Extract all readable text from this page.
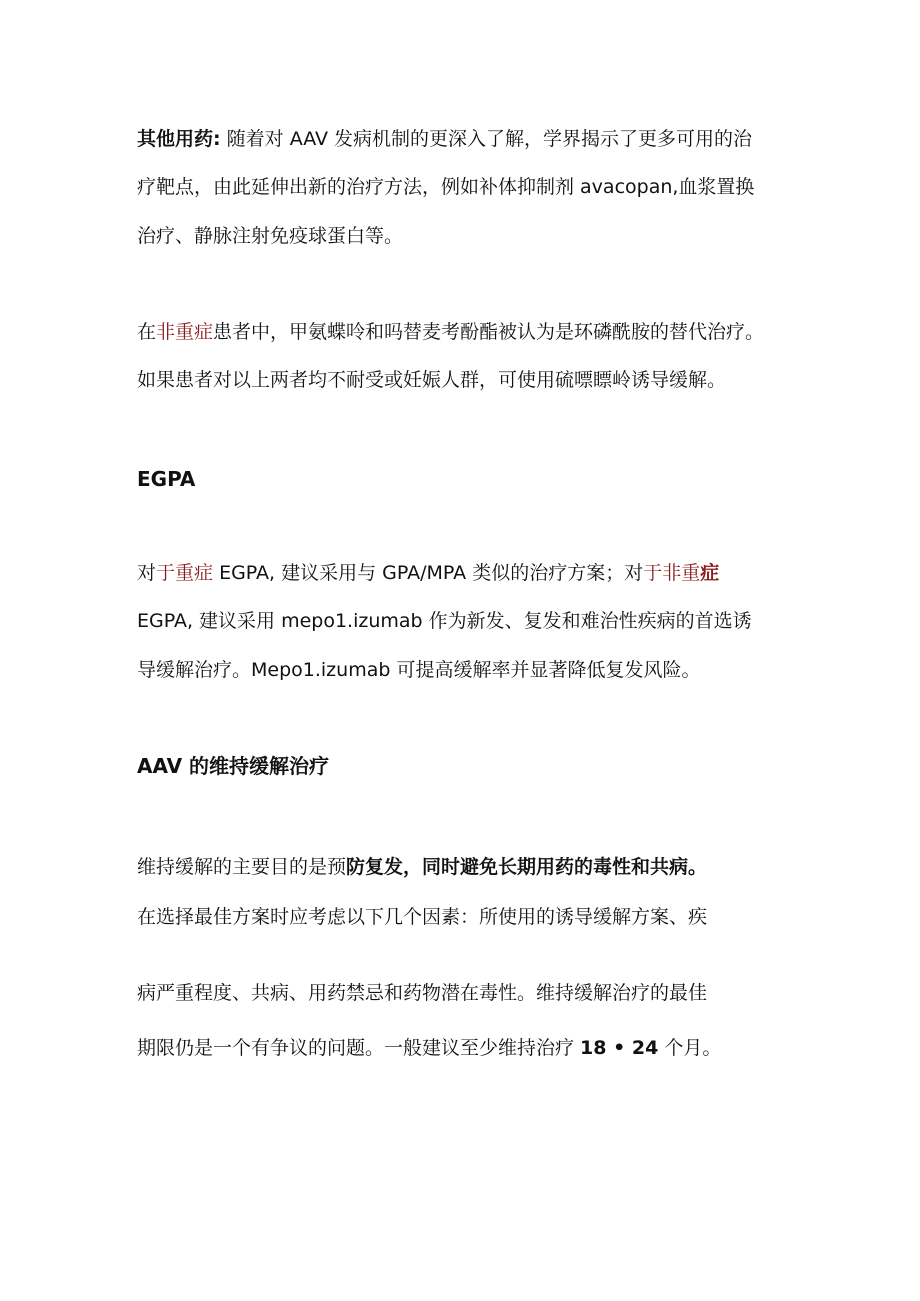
其他用药: 随着对 AAV 发病机制的更深入了解，学界揭示了更多可用的治

疗靶点，由此延伸出新的治疗方法，例如补体抑制剂 avacopan,血浆置换

治疗、静脉注射免疫球蛋白等。

在非重症患者中，甲氨蝶呤和吗替麦考酚酯被认为是环磷酰胺的替代治疗。

如果患者对以上两者均不耐受或妊娠人群，可使用硫嘌瞟岭诱导缓解。

EGPA

对于重症 EGPA, 建议采用与 GPA/MPA 类似的治疗方案；对于非重症

EGPA, 建议采用 mepo1.izumab 作为新发、复发和难治性疾病的首选诱

导缓解治疗。Mepo1.izumab 可提高缓解率并显著降低复发风险。

AAV 的维持缓解治疗

维持缓解的主要目的是预防复发，同时避免长期用药的毒性和共病。

在选择最佳方案时应考虑以下几个因素：所使用的诱导缓解方案、疾

病严重程度、共病、用药禁忌和药物潜在毒性。维持缓解治疗的最佳

期限仍是一个有争议的问题。一般建议至少维持治疗 18 • 24 个月。
